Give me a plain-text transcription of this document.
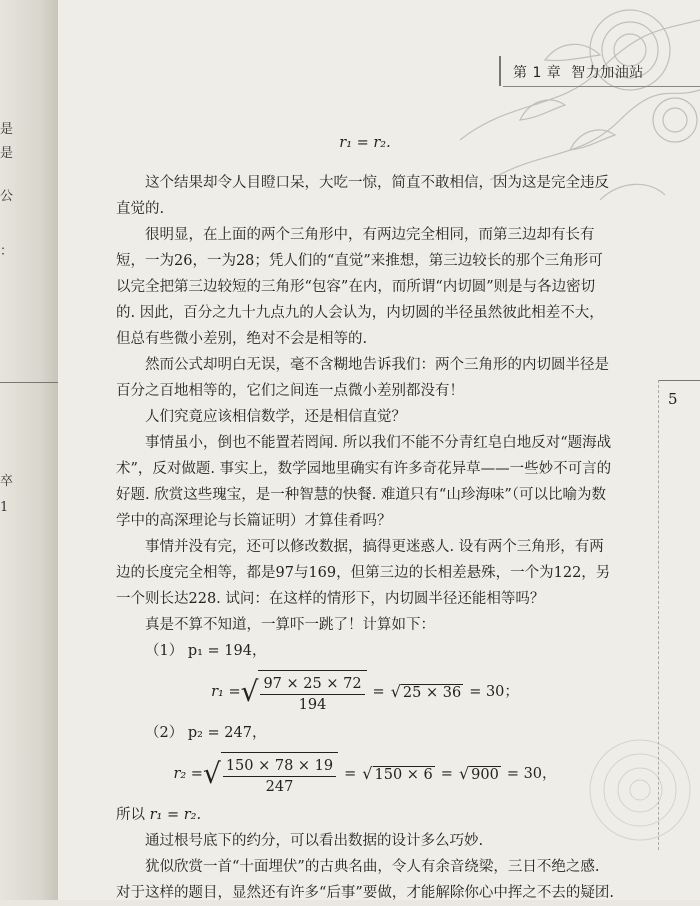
是
是
公
：
卒
1
第 1 章 智力加油站
5

r₁ = r₂.

这个结果却令人目瞪口呆，大吃一惊，简直不敢相信，因为这是完全违反直觉的.

很明显，在上面的两个三角形中，有两边完全相同，而第三边却有长有短，一为26，一为28；凭人们的“直觉”来推想，第三边较长的那个三角形可以完全把第三边较短的三角形“包容”在内，而所谓“内切圆”则是与各边密切的. 因此，百分之九十九点九的人会认为，内切圆的半径虽然彼此相差不大，但总有些微小差别，绝对不会是相等的.

然而公式却明白无误，毫不含糊地告诉我们：两个三角形的内切圆半径是百分之百地相等的，它们之间连一点微小差别都没有！

人们究竟应该相信数学，还是相信直觉？

事情虽小，倒也不能置若罔闻. 所以我们不能不分青红皂白地反对“题海战术”，反对做题. 事实上，数学园地里确实有许多奇花异草——一些妙不可言的好题. 欣赏这些瑰宝，是一种智慧的快餐. 难道只有“山珍海味”（可以比喻为数学中的高深理论与长篇证明）才算佳肴吗？

事情并没有完，还可以修改数据，搞得更迷惑人. 设有两个三角形，有两边的长度完全相等，都是97与169，但第三边的长相差悬殊，一个为122，另一个则长达228. 试问：在这样的情形下，内切圆半径还能相等吗？

真是不算不知道，一算吓一跳了！计算如下：

（1） p₁ = 194，

r₁ = √ $\frac{97 \times 25 \times 72}{194}$ = √ 25 × 36 = 30；

（2） p₂ = 247，

r₂ = √ $\frac{150 \times 78 \times 19}{247}$ = √ 150 × 6 = √ 900 = 30，

所以 r₁ = r₂.

通过根号底下的约分，可以看出数据的设计多么巧妙.

犹似欣赏一首“十面埋伏”的古典名曲，令人有余音绕梁，三日不绝之感. 对于这样的题目，显然还有许多“后事”要做，才能解除你心中挥之不去的疑团.
